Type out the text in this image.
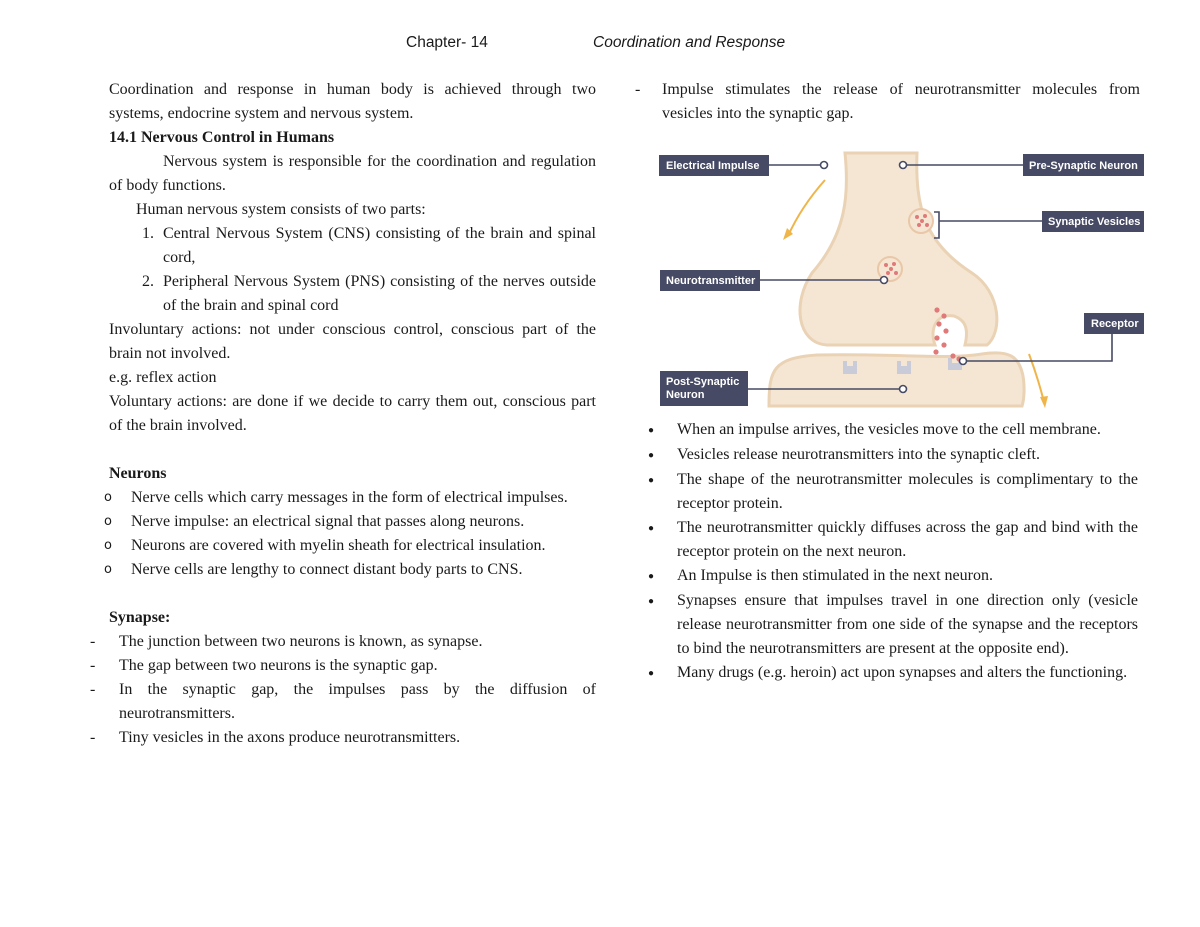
Chapter- 14	Coordination and Response

Coordination and response in human body is achieved through two systems, endocrine system and nervous system.

14.1 Nervous Control in Humans

Nervous system is responsible for the coordination and regulation of body functions.

Human nervous system consists of two parts:

1. Central Nervous System (CNS) consisting of the brain and spinal cord,
2. Peripheral Nervous System (PNS) consisting of the nerves outside of the brain and spinal cord

Involuntary actions: not under conscious control, conscious part of the brain not involved.

e.g. reflex action

Voluntary actions: are done if we decide to carry them out, conscious part of the brain involved.

Neurons

o	Nerve cells which carry messages in the form of electrical impulses.
o	Nerve impulse: an electrical signal that passes along neurons.
o	Neurons are covered with myelin sheath for electrical insulation.
o	Nerve cells are lengthy to connect distant body parts to CNS.

Synapse:

-	The junction between two neurons is known, as synapse.
-	The gap between two neurons is the synaptic gap.
-	In the synaptic gap, the impulses pass by the diffusion of neurotransmitters.
-	Tiny vesicles in the axons produce neurotransmitters.
-	Impulse stimulates the release of neurotransmitter molecules from vesicles into the synaptic gap.
Electrical Impulse	Pre-Synaptic Neuron
Synaptic Vesicles
Neurotransmitter
Receptor
Post-Synaptic
Neuron
●	When an impulse arrives, the vesicles move to the cell membrane.
●	Vesicles release neurotransmitters into the synaptic cleft.
●	The shape of the neurotransmitter molecules is complimentary to the receptor protein.
●	The neurotransmitter quickly diffuses across the gap and bind with the receptor protein on the next neuron.
●	An Impulse is then stimulated in the next neuron.
●	Synapses ensure that impulses travel in one direction only (vesicle release neurotransmitter from one side of the synapse and the receptors to bind the neurotransmitters are present at the opposite end).
●	Many drugs (e.g. heroin) act upon synapses and alters the functioning.
